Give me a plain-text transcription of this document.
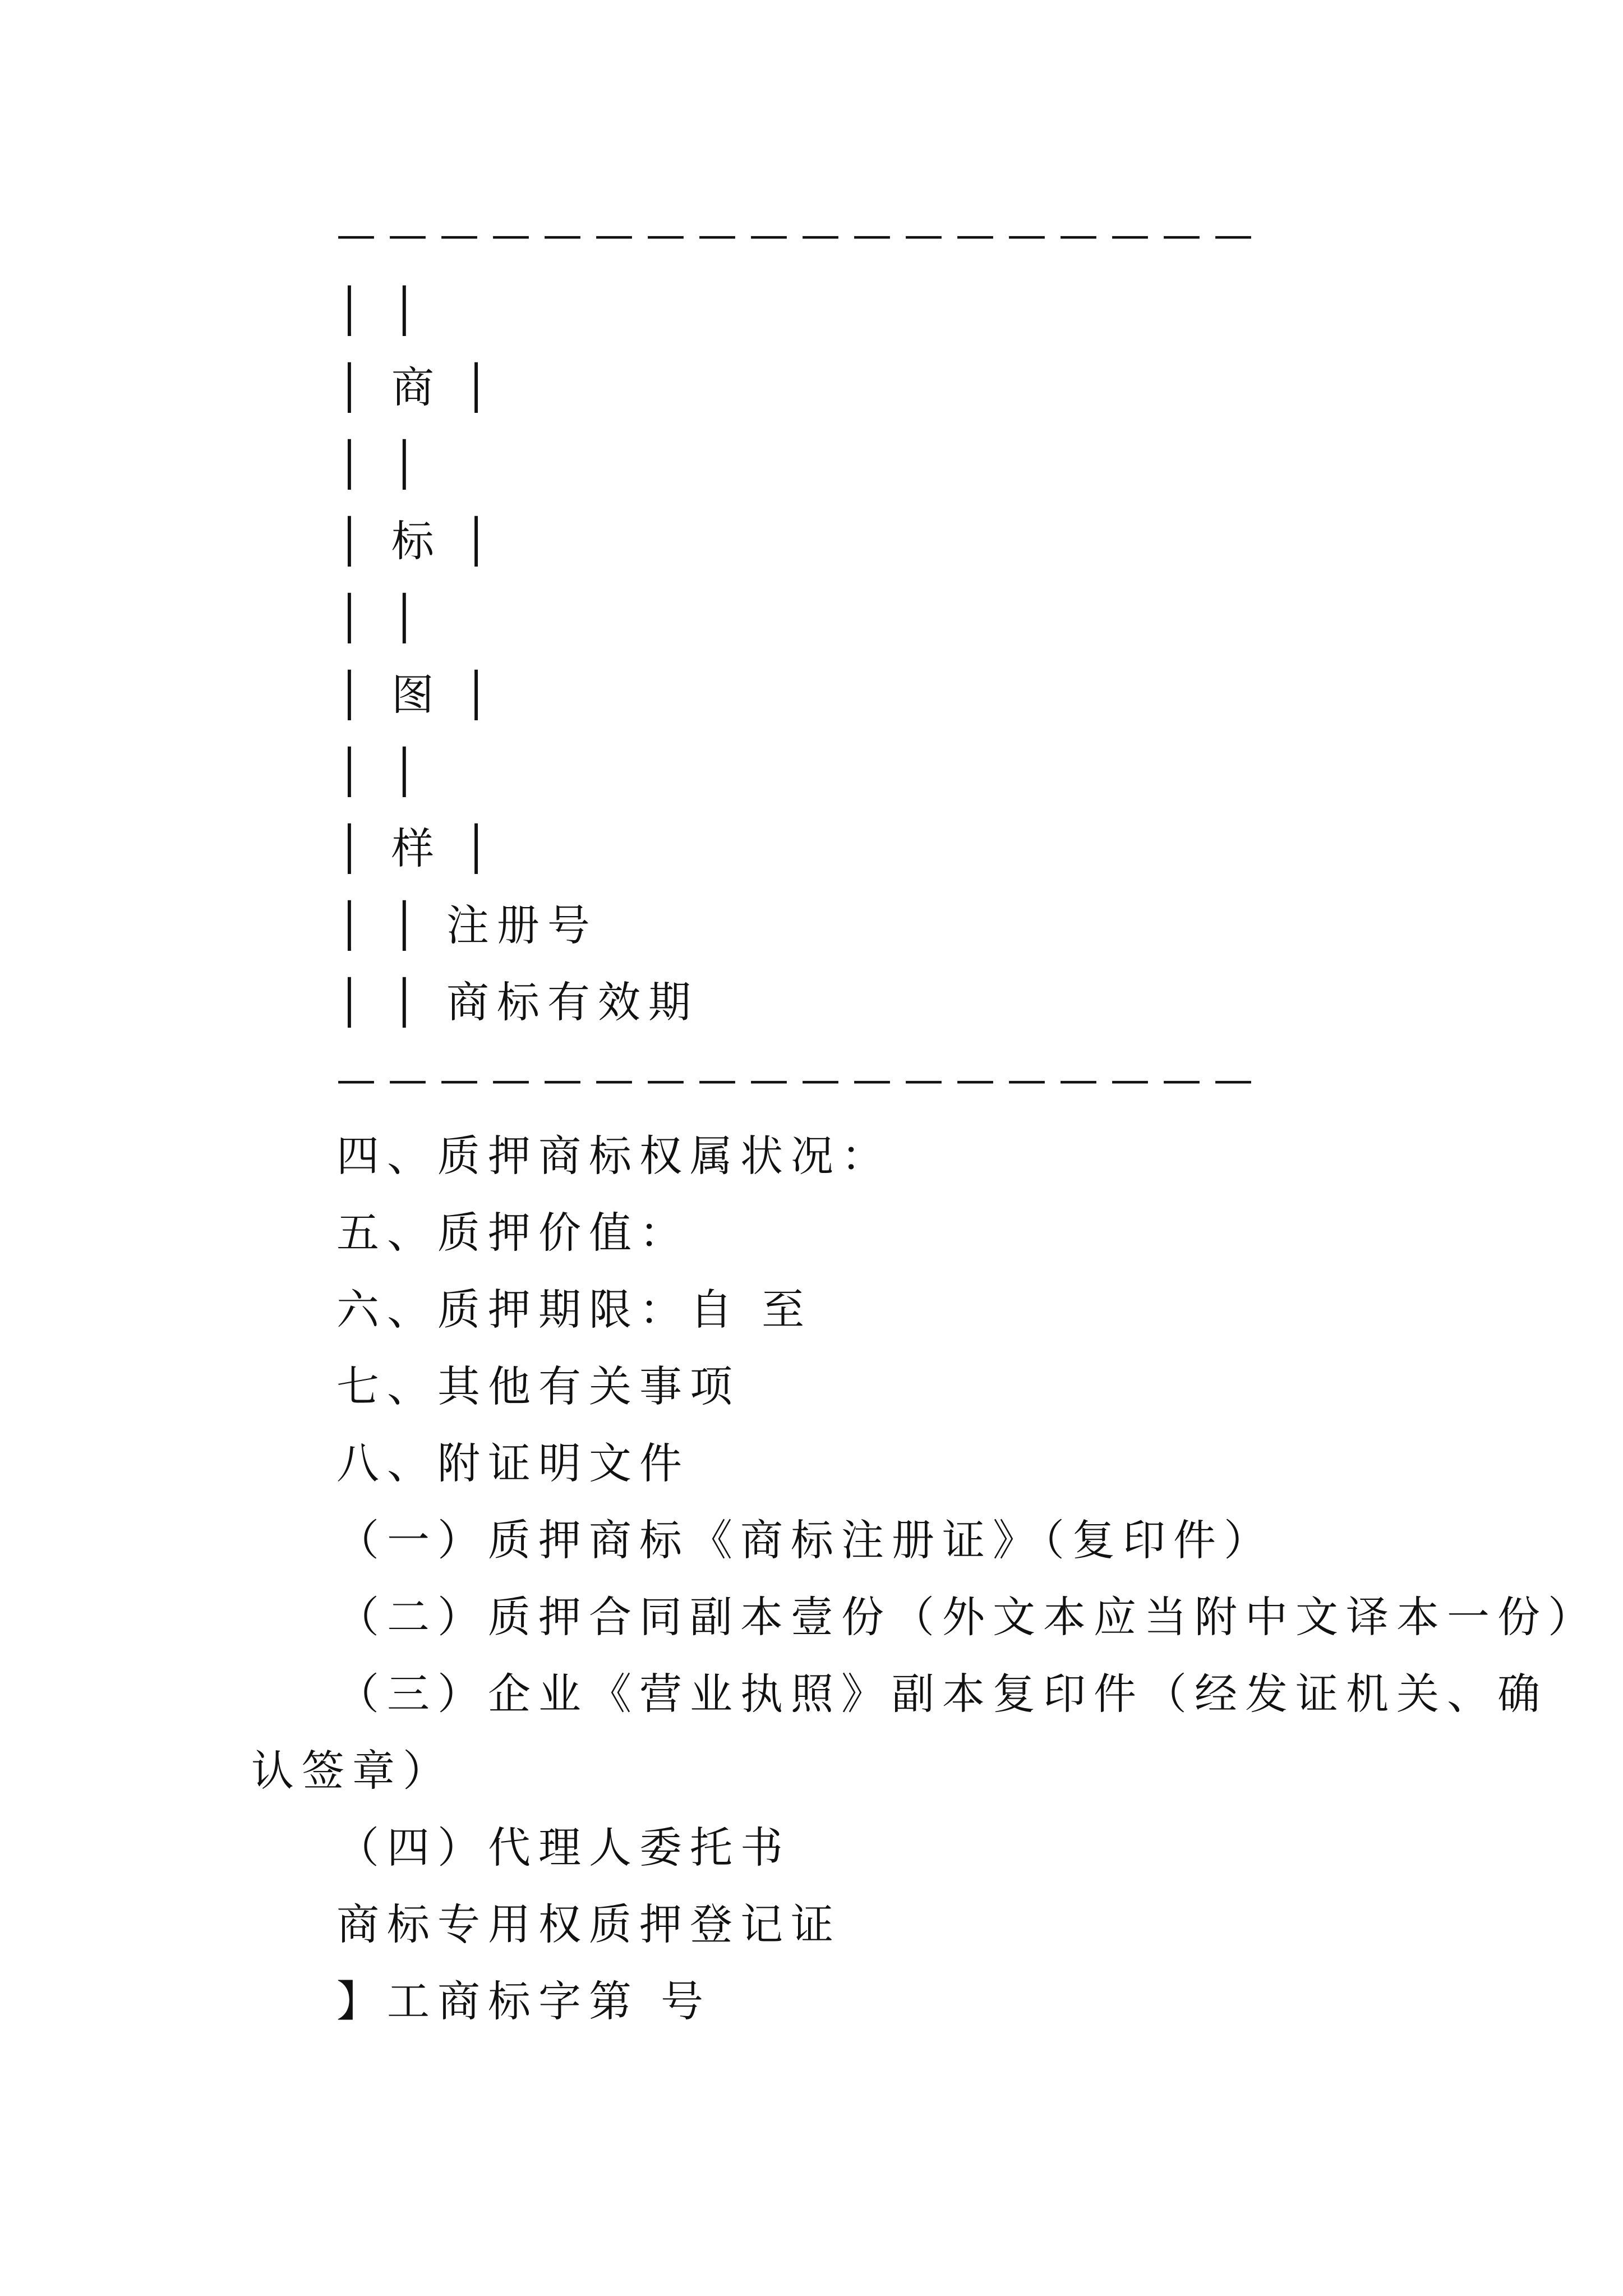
——————————————————
│ │
│ 商 │
│ │
│ 标 │
│ │
│ 图 │
│ │
│ 样 │
│ │ 注册号
│ │ 商标有效期
——————————————————
四、质押商标权属状况：
五、质押价值：
六、质押期限：自 至
七、其他有关事项
八、附证明文件
（一）质押商标《商标注册证》（复印件）
（二）质押合同副本壹份（外文本应当附中文译本一份）
（三）企业《营业执照》副本复印件（经发证机关、确
认签章）
（四）代理人委托书
商标专用权质押登记证
】工商标字第 号
